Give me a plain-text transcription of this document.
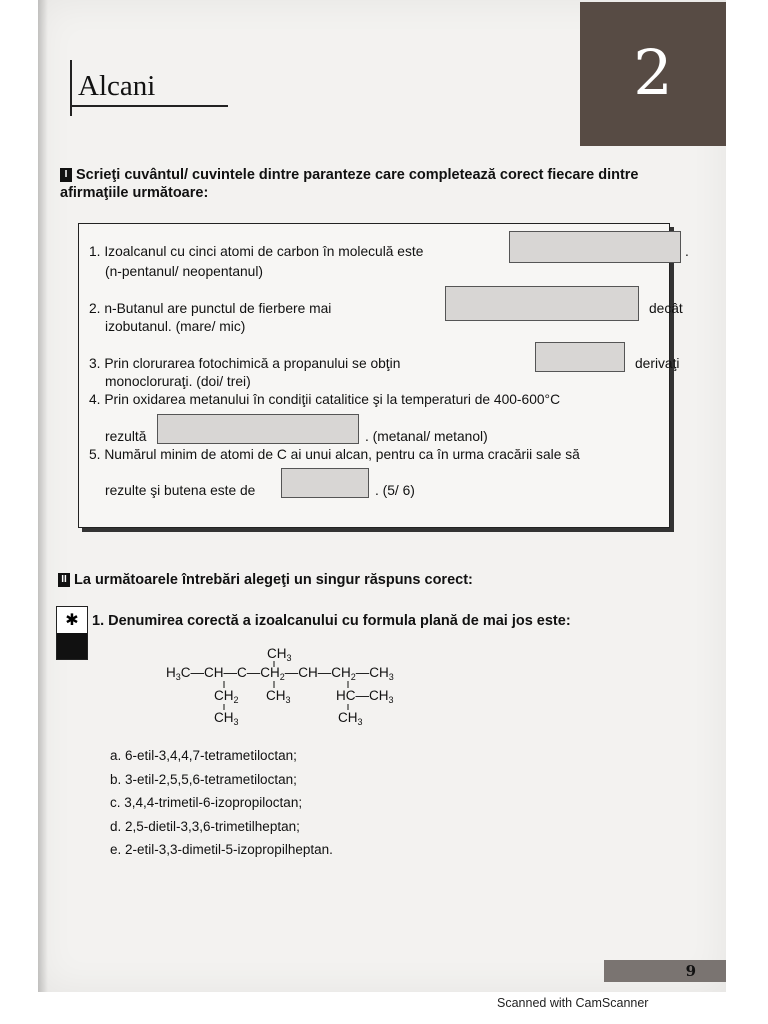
2
Alcani
I Scrieţi cuvântul/ cuvintele dintre paranteze care completează corect fiecare dintre afirmaţiile următoare:
1. Izoalcanul cu cinci atomi de carbon în moleculă este	.
(n-pentanul/ neopentanul)
2. n-Butanul are punctul de fierbere mai	decât
izobutanul. (mare/ mic)
3. Prin clorurarea fotochimică a propanului se obţin	derivaţi
monocloruraţi. (doi/ trei)
4. Prin oxidarea metanului în condiţii catalitice şi la temperaturi de 400-600°C
rezultă	. (metanal/ metanol)
5. Numărul minim de atomi de C ai unui alcan, pentru ca în urma cracării sale să
rezulte şi butena este de	. (5/ 6)
II La următoarele întrebări alegeţi un singur răspuns corect:
✱ 1. Denumirea corectă a izoalcanului cu formula plană de mai jos este:
$H_3C—CH—C—CH_2—CH—CH_2—CH_3$
$CH_3$
$CH_2$ $CH_3$
$CH_3$
$HC—CH_3$
$CH_3$
a. 6-etil-3,4,4,7-tetrametiloctan;
b. 3-etil-2,5,5,6-tetrametiloctan;
c. 3,4,4-trimetil-6-izopropiloctan;
d. 2,5-dietil-3,3,6-trimetilheptan;
e. 2-etil-3,3-dimetil-5-izopropilheptan.
9
Scanned with CamScanner
